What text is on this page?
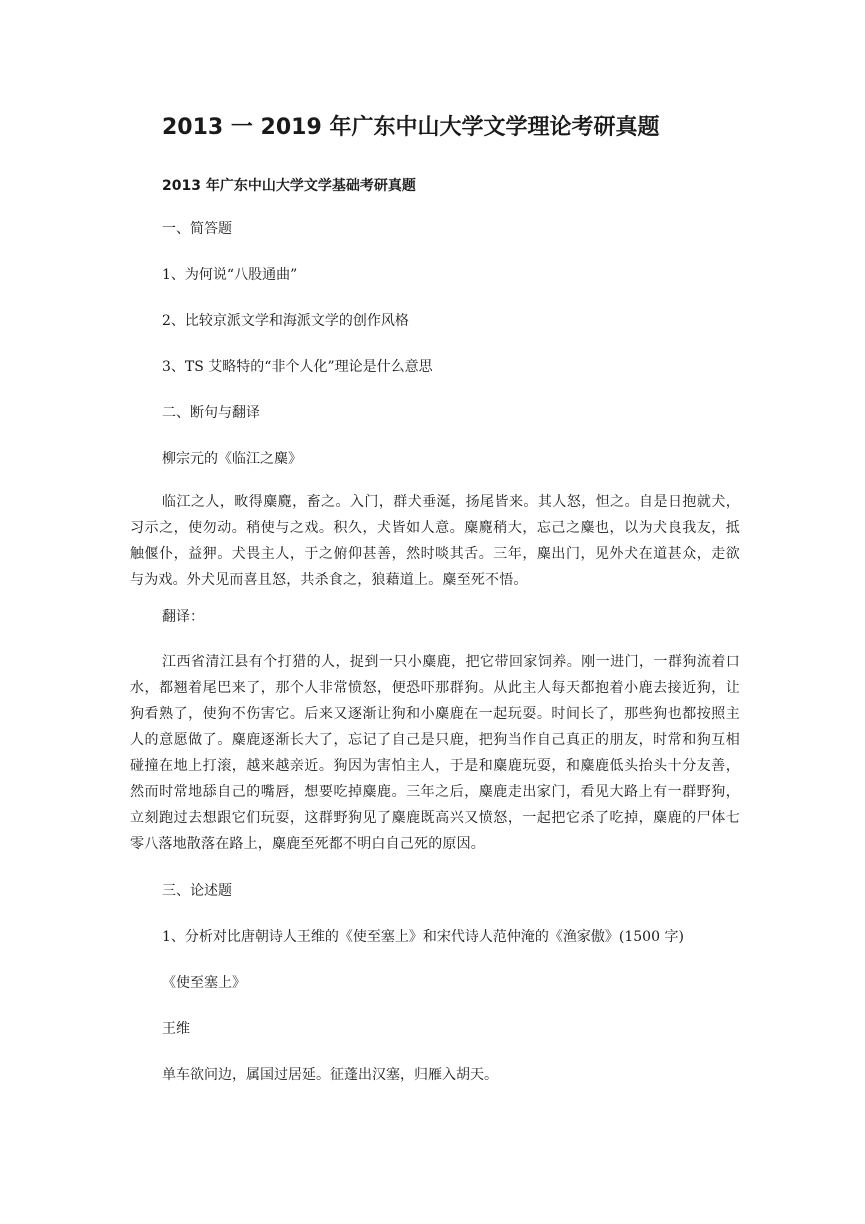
2013 一 2019 年广东中山大学文学理论考研真题
2013 年广东中山大学文学基础考研真题
一、简答题
1、为何说“八股通曲”
2、比较京派文学和海派文学的创作风格
3、TS 艾略特的“非个人化”理论是什么意思
二、断句与翻译
柳宗元的《临江之麋》
临江之人，畋得麋麑，畜之。入门，群犬垂涎，扬尾皆来。其人怒，怛之。自是日抱就犬，习示之，使勿动。稍使与之戏。积久，犬皆如人意。麋麑稍大，忘己之麋也，以为犬良我友，抵触偃仆，益狎。犬畏主人，于之俯仰甚善，然时啖其舌。三年，麋出门，见外犬在道甚众，走欲与为戏。外犬见而喜且怒，共杀食之，狼藉道上。麋至死不悟。
翻译：
江西省清江县有个打猎的人，捉到一只小麋鹿，把它带回家饲养。刚一进门，一群狗流着口水，都翘着尾巴来了，那个人非常愤怒，便恐吓那群狗。从此主人每天都抱着小鹿去接近狗，让狗看熟了，使狗不伤害它。后来又逐渐让狗和小麋鹿在一起玩耍。时间长了，那些狗也都按照主人的意愿做了。麋鹿逐渐长大了，忘记了自己是只鹿，把狗当作自己真正的朋友，时常和狗互相碰撞在地上打滚，越来越亲近。狗因为害怕主人，于是和麋鹿玩耍，和麋鹿低头抬头十分友善，然而时常地舔自己的嘴唇，想要吃掉麋鹿。三年之后，麋鹿走出家门，看见大路上有一群野狗，立刻跑过去想跟它们玩耍，这群野狗见了麋鹿既高兴又愤怒，一起把它杀了吃掉，麋鹿的尸体七零八落地散落在路上，麋鹿至死都不明白自己死的原因。
三、论述题
1、分析对比唐朝诗人王维的《使至塞上》和宋代诗人范仲淹的《渔家傲》(1500 字)
《使至塞上》
王维
单车欲问边，属国过居延。征蓬出汉塞，归雁入胡天。
